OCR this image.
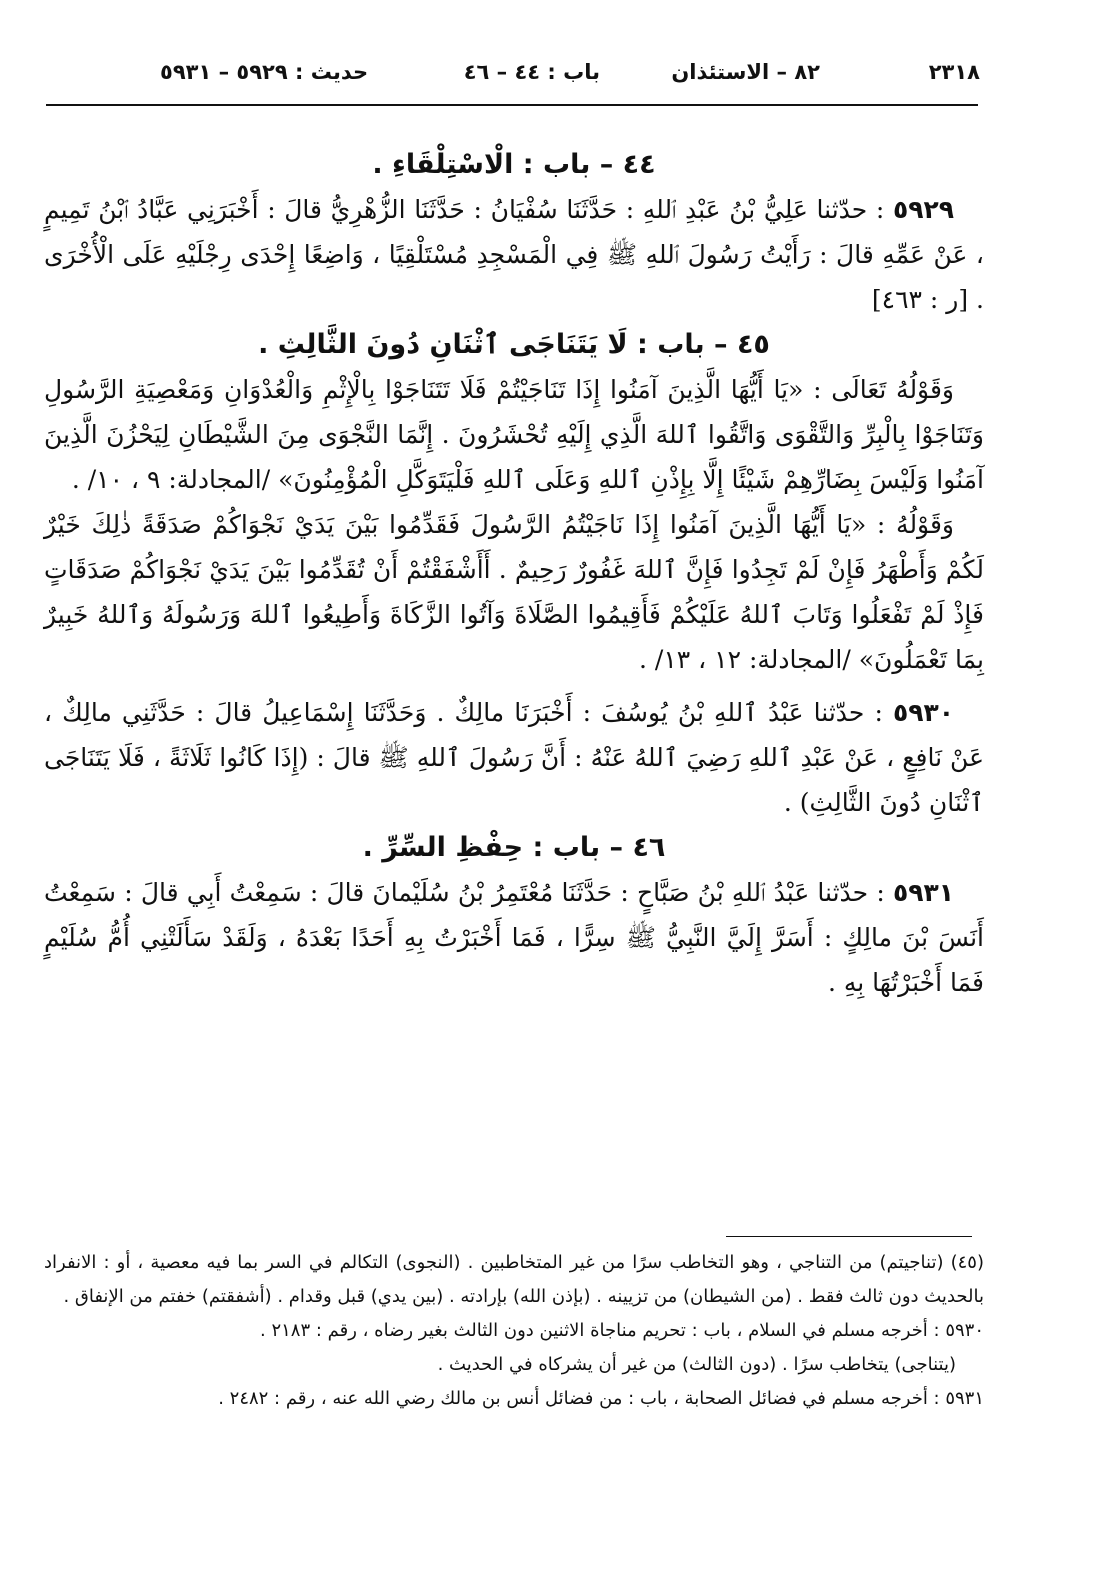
٢٣١٨
٨٢ – الاستئذان
باب : ٤٤ – ٤٦
حديث : ٥٩٢٩ – ٥٩٣١

٤٤ – باب : الْاسْتِلْقَاءِ .

٥٩٢٩ : حدّثنا عَلِيُّ بْنُ عَبْدِ ٱللهِ : حَدَّثَنَا سُفْيَانُ : حَدَّثَنَا الزُّهْرِيُّ قالَ : أَخْبَرَنِي عَبَّادُ ٱبْنُ تَمِيمٍ ، عَنْ عَمِّهِ قالَ : رَأَيْتُ رَسُولَ ٱللهِ ﷺ فِي الْمَسْجِدِ مُسْتَلْقِيًا ، وَاضِعًا إِحْدَى رِجْلَيْهِ عَلَى الْأُخْرَى . [ر : ٤٦٣]

٤٥ – باب : لَا يَتَنَاجَى ٱثْنَانِ دُونَ الثَّالِثِ .

وَقَوْلُهُ تَعَالَى : «يَا أَيُّهَا الَّذِينَ آمَنُوا إِذَا تَنَاجَيْتُمْ فَلَا تَتَنَاجَوْا بِالْإِثْمِ وَالْعُدْوَانِ وَمَعْصِيَةِ الرَّسُولِ وَتَنَاجَوْا بِالْبِرِّ وَالتَّقْوَى وَاتَّقُوا ٱللهَ الَّذِي إِلَيْهِ تُحْشَرُونَ . إِنَّمَا النَّجْوَى مِنَ الشَّيْطَانِ لِيَحْزُنَ الَّذِينَ آمَنُوا وَلَيْسَ بِضَارِّهِمْ شَيْئًا إِلَّا بِإِذْنِ ٱللهِ وَعَلَى ٱللهِ فَلْيَتَوَكَّلِ الْمُؤْمِنُونَ» /المجادلة: ٩ ، ١٠/ .

وَقَوْلُهُ : «يَا أَيُّهَا الَّذِينَ آمَنُوا إِذَا نَاجَيْتُمُ الرَّسُولَ فَقَدِّمُوا بَيْنَ يَدَيْ نَجْوَاكُمْ صَدَقَةً ذٰلِكَ خَيْرٌ لَكُمْ وَأَطْهَرُ فَإِنْ لَمْ تَجِدُوا فَإِنَّ ٱللهَ غَفُورٌ رَحِيمٌ . أَأَشْفَقْتُمْ أَنْ تُقَدِّمُوا بَيْنَ يَدَيْ نَجْوَاكُمْ صَدَقَاتٍ فَإِذْ لَمْ تَفْعَلُوا وَتَابَ ٱللهُ عَلَيْكُمْ فَأَقِيمُوا الصَّلَاةَ وَآتُوا الزَّكَاةَ وَأَطِيعُوا ٱللهَ وَرَسُولَهُ وَٱللهُ خَبِيرٌ بِمَا تَعْمَلُونَ» /المجادلة: ١٢ ، ١٣/ .

٥٩٣٠ : حدّثنا عَبْدُ ٱللهِ بْنُ يُوسُفَ : أَخْبَرَنَا مالِكٌ . وَحَدَّثَنَا إِسْمَاعِيلُ قالَ : حَدَّثَنِي مالِكٌ ، عَنْ نَافِعٍ ، عَنْ عَبْدِ ٱللهِ رَضِيَ ٱللهُ عَنْهُ : أَنَّ رَسُولَ ٱللهِ ﷺ قالَ : (إِذَا كَانُوا ثَلَاثَةً ، فَلَا يَتَنَاجَى ٱثْنَانِ دُونَ الثَّالِثِ) .

٤٦ – باب : حِفْظِ السِّرِّ .

٥٩٣١ : حدّثنا عَبْدُ ٱللهِ بْنُ صَبَّاحٍ : حَدَّثَنَا مُعْتَمِرُ بْنُ سُلَيْمانَ قالَ : سَمِعْتُ أَبِي قالَ : سَمِعْتُ أَنَسَ بْنَ مالِكٍ : أَسَرَّ إِلَيَّ النَّبِيُّ ﷺ سِرًّا ، فَمَا أَخْبَرْتُ بِهِ أَحَدًا بَعْدَهُ ، وَلَقَدْ سَأَلَتْنِي أُمُّ سُلَيْمٍ فَمَا أَخْبَرْتُهَا بِهِ .

(٤٥) (تناجيتم) من التناجي ، وهو التخاطب سرًا من غير المتخاطبين . (النجوى) التكالم في السر بما فيه معصية ، أو : الانفراد بالحديث دون ثالث فقط . (من الشيطان) من تزيينه . (بإذن الله) بإرادته . (بين يدي) قبل وقدام . (أشفقتم) خفتم من الإنفاق .

٥٩٣٠ : أخرجه مسلم في السلام ، باب : تحريم مناجاة الاثنين دون الثالث بغير رضاه ، رقم : ٢١٨٣ .

(يتناجى) يتخاطب سرًا . (دون الثالث) من غير أن يشركاه في الحديث .

٥٩٣١ : أخرجه مسلم في فضائل الصحابة ، باب : من فضائل أنس بن مالك رضي الله عنه ، رقم : ٢٤٨٢ .
